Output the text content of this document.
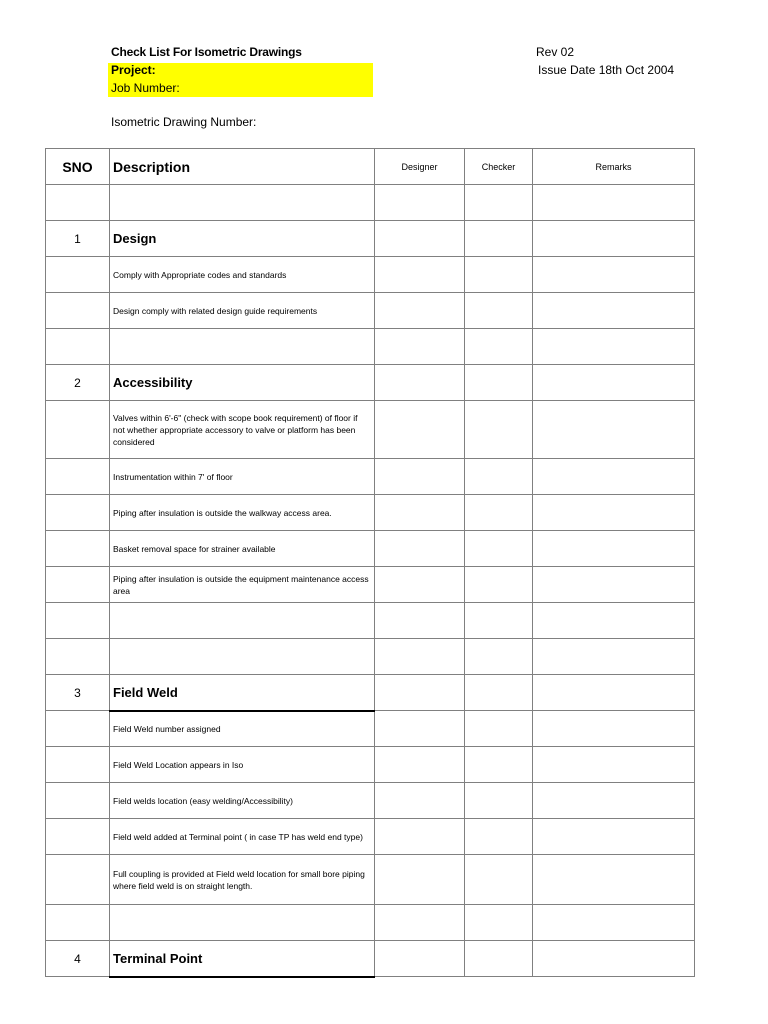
Check List For Isometric Drawings
Project:
Job Number:
Rev 02
Issue Date 18th Oct 2004
Isometric Drawing Number:
SNO	Description	Designer	Checker	Remarks

1	Design			
	Comply with Appropriate codes and standards			
	Design comply with related design guide requirements			

2	Accessibility			
	Valves within 6'-6" (check with scope book requirement) of floor if not whether appropriate accessory to valve or platform has been considered			
	Instrumentation within 7' of floor			
	Piping after insulation is outside the walkway access area.			
	Basket removal space for strainer available			
	Piping after insulation is outside the equipment maintenance access area			

3	Field Weld			
	Field Weld number assigned			
	Field Weld Location appears in Iso			
	Field welds location (easy welding/Accessibility)			
	Field weld added at Terminal point ( in case TP has weld end type)			
	Full coupling is provided at Field weld location for small bore piping where field weld is on straight length.			

4	Terminal Point			
